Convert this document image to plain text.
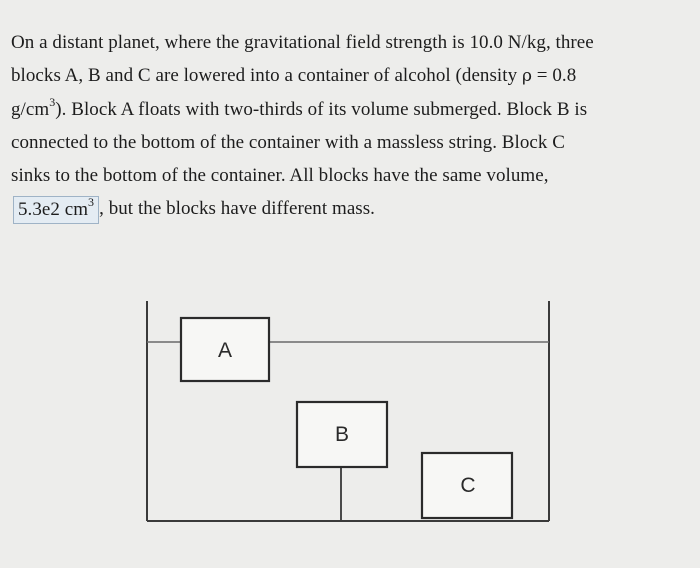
On a distant planet, where the gravitational field strength is 10.0 N/kg, three
blocks A, B and C are lowered into a container of alcohol (density ρ = 0.8
$g/cm^3$). Block A floats with two-thirds of its volume submerged. Block B is
connected to the bottom of the container with a massless string. Block C
sinks to the bottom of the container. All blocks have the same volume,
5.3e2 $cm^3$ , but the blocks have different mass.
A
B
C
